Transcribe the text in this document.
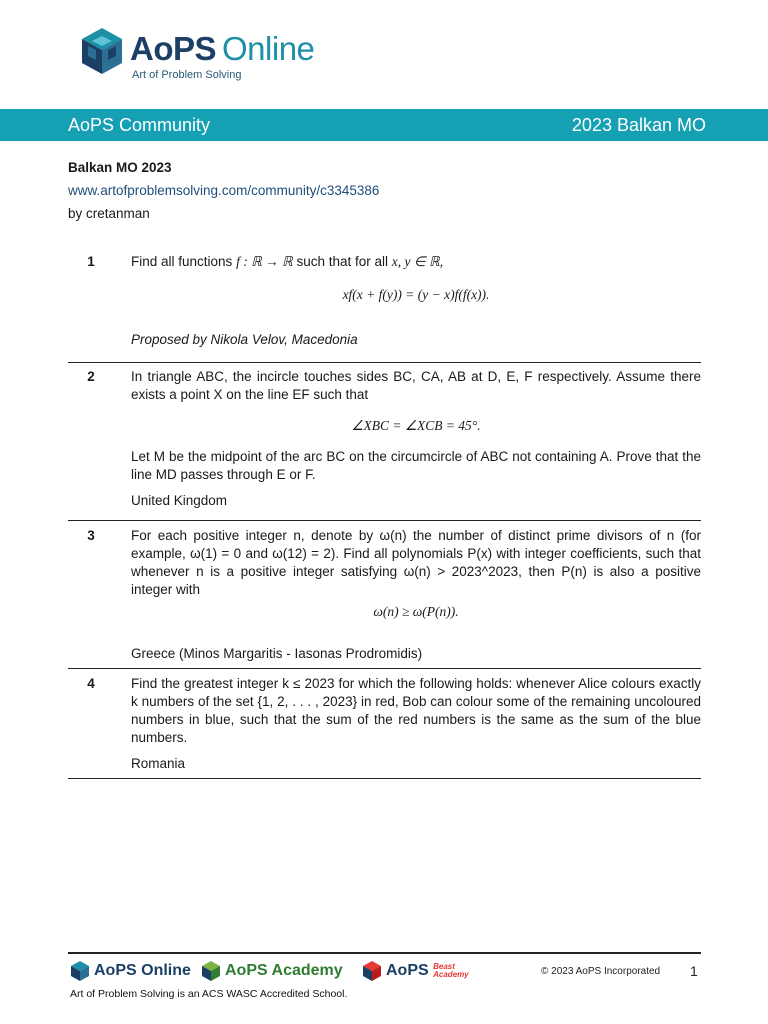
AoPS Online
Art of Problem Solving
AoPS Community	2023 Balkan MO
Balkan MO 2023
www.artofproblemsolving.com/community/c3345386
by cretanman
1	Find all functions f : ℝ → ℝ such that for all x, y ∈ ℝ,
xf(x + f(y)) = (y − x)f(f(x)).
Proposed by Nikola Velov, Macedonia
2	In triangle ABC, the incircle touches sides BC, CA, AB at D, E, F respectively. Assume there exists a point X on the line EF such that
∠XBC = ∠XCB = 45°.
Let M be the midpoint of the arc BC on the circumcircle of ABC not containing A. Prove that the line MD passes through E or F.
United Kingdom
3	For each positive integer n, denote by ω(n) the number of distinct prime divisors of n (for example, ω(1) = 0 and ω(12) = 2). Find all polynomials P(x) with integer coefficients, such that whenever n is a positive integer satisfying ω(n) > 2023^2023, then P(n) is also a positive integer with
ω(n) ≥ ω(P(n)).
Greece (Minos Margaritis - Iasonas Prodromidis)
4	Find the greatest integer k ≤ 2023 for which the following holds: whenever Alice colours exactly k numbers of the set {1, 2, . . . , 2023} in red, Bob can colour some of the remaining uncoloured numbers in blue, such that the sum of the red numbers is the same as the sum of the blue numbers.
Romania
AoPS Online	AoPS Academy	AoPS Beast Academy	© 2023 AoPS Incorporated 1
Art of Problem Solving is an ACS WASC Accredited School.
